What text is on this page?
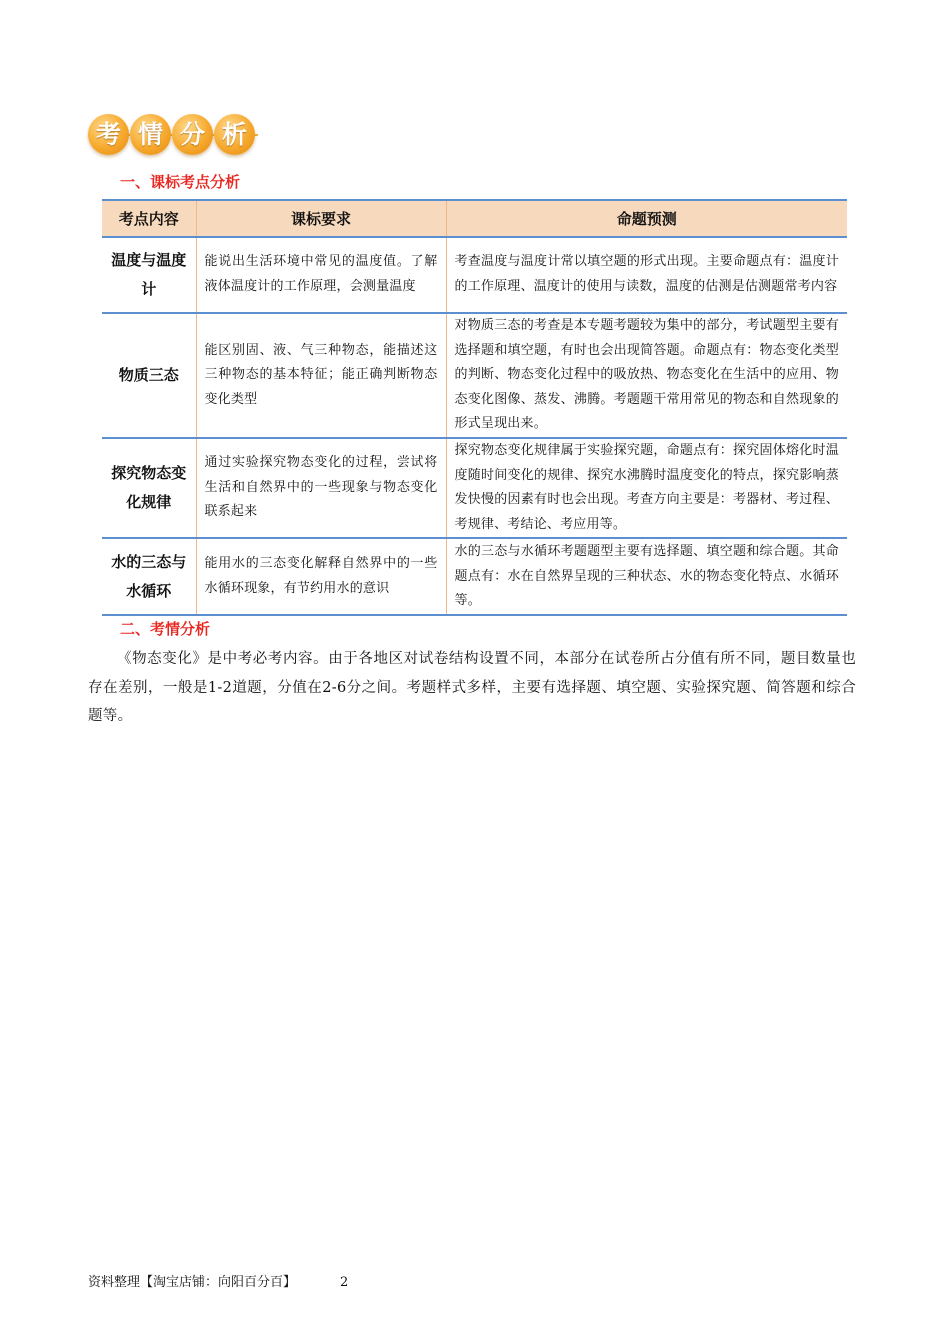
考 情 分 析
一、课标考点分析
考点内容	课标要求	命题预测
温度与温度计	能说出生活环境中常见的温度值。了解液体温度计的工作原理，会测量温度	考查温度与温度计常以填空题的形式出现。主要命题点有：温度计的工作原理、温度计的使用与读数，温度的估测是估测题常考内容
物质三态	能区别固、液、气三种物态，能描述这三种物态的基本特征；能正确判断物态变化类型	对物质三态的考查是本专题考题较为集中的部分，考试题型主要有选择题和填空题，有时也会出现简答题。命题点有：物态变化类型的判断、物态变化过程中的吸放热、物态变化在生活中的应用、物态变化图像、蒸发、沸腾。考题题干常用常见的物态和自然现象的形式呈现出来。
探究物态变化规律	通过实验探究物态变化的过程，尝试将生活和自然界中的一些现象与物态变化联系起来	探究物态变化规律属于实验探究题，命题点有：探究固体熔化时温度随时间变化的规律、探究水沸腾时温度变化的特点，探究影响蒸发快慢的因素有时也会出现。考查方向主要是：考器材、考过程、考规律、考结论、考应用等。
水的三态与水循环	能用水的三态变化解释自然界中的一些水循环现象，有节约用水的意识	水的三态与水循环考题题型主要有选择题、填空题和综合题。其命题点有：水在自然界呈现的三种状态、水的物态变化特点、水循环等。
二、考情分析
《物态变化》是中考必考内容。由于各地区对试卷结构设置不同，本部分在试卷所占分值有所不同，题目数量也存在差别，一般是1-2道题，分值在2-6分之间。考题样式多样，主要有选择题、填空题、实验探究题、简答题和综合题等。
资料整理【淘宝店铺：向阳百分百】	2
